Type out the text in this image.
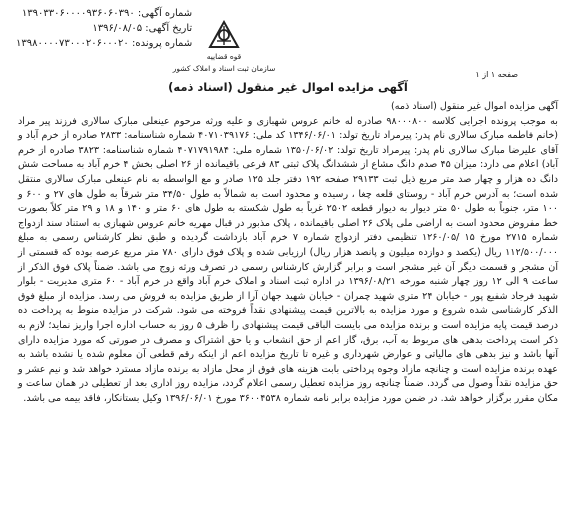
شماره آگهی: ۱۳۹۰۳۳۰۶۰۰۰۰۹۳۶۰۶۰۳۹۰
تاریخ آگهی: ۱۳۹۶/۰۸/۰۵
شماره پرونده: ۱۳۹۸۰۰۰۰۷۳۰۰۰۲۰۶۰۰۰۲۰
قوه قضاییه
سازمان ثبت اسناد و املاک کشور
صفحه ۱ از ۱
آگهی مزایده اموال غیر منقول (اسناد ذمه)

آگهی مزایده اموال غیر منقول (اسناد ذمه)

به موجب پرونده اجرایی کلاسه ۹۸۰۰۰۸۰۰ صادره له خانم عروس شهبازی و علیه ورثه مرحوم عینعلی مبارک سالاری فرزند پیر مراد (خانم فاطمه مبارک سالاری نام پدر: پیرمراد تاریخ تولد: ۱۳۴۶/۰۶/۰۱ کد ملی: ۴۰۷۱۰۳۹۱۷۶ شماره شناسنامه: ۲۸۳۳ صادره از خرم آباد و آقای علیرضا مبارک سالاری نام پدر: پیرمراد تاریخ تولد: ۱۳۵۰/۰۶/۰۲ شماره ملی: ۴۰۷۱۷۹۱۹۸۴ شماره شناسنامه: ۳۸۲۳ صادره از خرم آباد) اعلام می دارد: میزان ۴۵ صدم دانگ مشاع از ششدانگ پلاک ثبتی ۸۳ فرعی باقیمانده از ۲۶ اصلی بخش ۴ خرم آباد به مساحت شش دانگ ده هزار و چهار صد متر مربع ذیل ثبت ۲۹۱۳۳ صفحه ۱۹۲ دفتر جلد ۱۲۵ صادر و مع الواسطه به نام عینعلی مبارک سالاری منتقل شده است؛ به آدرس خرم آباد - روستای قلعه چغا ، رسیده و محدود است به شمالاً به طول ۳۴/۵۰ متر شرقاً به طول های ۲۷ و ۶۰۰ و ۱۰۰ متر، جنوباً به طول ۵۰ متر دیوار به دیوار قطعه ۲۵۰۲ غرباً به طول شکسته به طول های ۶۰ متر و ۱۴۰ و ۱۸ و ۲۹ متر کلاً بصورت خط مفروض محدود است به اراضی ملی پلاک ۲۶ اصلی باقیمانده ، پلاک مذبور در قبال مهریه خانم عروس شهبازی به استناد سند ازدواج شماره ۲۷۱۵ مورخ ۱۵ /۱۲۶۰/۰۵ تنظیمی دفتر ازدواج شماره ۷ خرم آباد بازداشت گردیده و طبق نظر کارشناس رسمی به مبلغ ۱۱۲/۵۰۰/۰۰۰ ریال (یکصد و دوازده میلیون و پانصد هزار ریال) ارزیابی شده و پلاک فوق دارای ۷۸۰ متر مربع عرصه بوده که قسمتی از آن مشجر و قسمت دیگر آن غیر مشجر است و برابر گزارش کارشناس رسمی در تصرف ورثه زوج می باشد. ضمناً پلاک فوق الذکر از ساعت ۹ الی ۱۲ روز چهار شنبه مورخه ۱۳۹۶/۰۸/۲۱ در اداره ثبت اسناد و املاک خرم آباد واقع در خرم آباد - ۶۰ متری مدیریت - بلوار شهید فرجاد شفیع پور - خیابان ۲۴ متری شهید چمران - خیابان شهید جهان آرا از طریق مزایده به فروش می رسد. مزایده از مبلغ فوق الذکر کارشناسی شده شروع و مورد مزایده به بالاترین قیمت پیشنهادی نقداً فروخته می شود. شرکت در مزایده منوط به پرداخت ده درصد قیمت پایه مزایده است و برنده مزایده می بایست الباقی قیمت پیشنهادی را ظرف ۵ روز به حساب اداره اجرا واریز نماید؛ لازم به ذکر است پرداخت بدهی های مربوط به آب، برق، گاز اعم از حق انشعاب و یا حق اشتراک و مصرف در صورتی که مورد مزایده دارای آنها باشد و نیز بدهی های مالیاتی و عوارض شهرداری و غیره تا تاریخ مزایده اعم از اینکه رقم قطعی آن معلوم شده یا نشده باشد به عهده برنده مزایده است و چنانچه مازاد وجوه پرداختی بابت هزینه های فوق از محل مازاد به برنده مازاد مسترد خواهد شد و نیم عشر و حق مزایده نقداً وصول می گردد. ضمناً چنانچه روز مزایده تعطیل رسمی اعلام گردد، مزایده روز اداری بعد از تعطیلی در همان ساعت و مکان مقرر برگزار خواهد شد. در ضمن مورد مزایده برابر نامه شماره ۳۶۰۰۴۵۳۸ مورخ ۱۳۹۶/۰۶/۰۱ وکیل بستانکار، فاقد بیمه می باشد.
